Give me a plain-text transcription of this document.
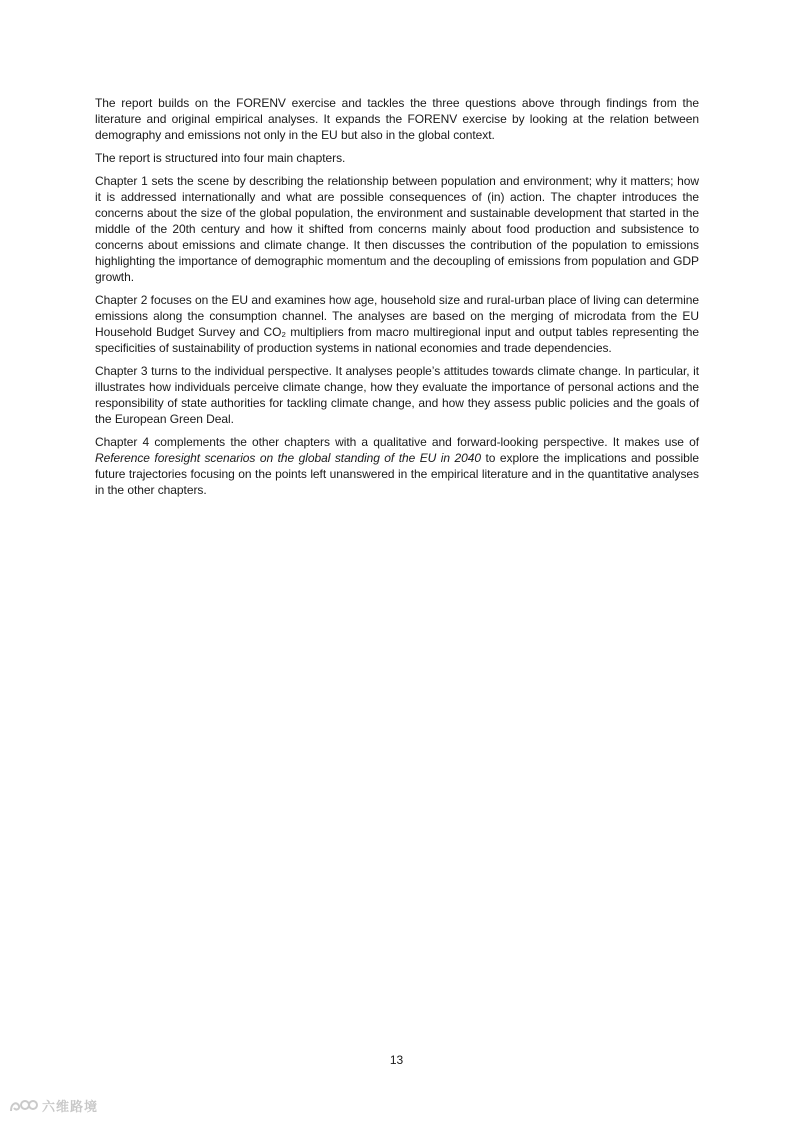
The report builds on the FORENV exercise and tackles the three questions above through findings from the literature and original empirical analyses. It expands the FORENV exercise by looking at the relation between demography and emissions not only in the EU but also in the global context.

The report is structured into four main chapters.

Chapter 1 sets the scene by describing the relationship between population and environment; why it matters; how it is addressed internationally and what are possible consequences of (in) action. The chapter introduces the concerns about the size of the global population, the environment and sustainable development that started in the middle of the 20th century and how it shifted from concerns mainly about food production and subsistence to concerns about emissions and climate change. It then discusses the contribution of the population to emissions highlighting the importance of demographic momentum and the decoupling of emissions from population and GDP growth.

Chapter 2 focuses on the EU and examines how age, household size and rural-urban place of living can determine emissions along the consumption channel. The analyses are based on the merging of microdata from the EU Household Budget Survey and CO₂ multipliers from macro multiregional input and output tables representing the specificities of sustainability of production systems in national economies and trade dependencies.

Chapter 3 turns to the individual perspective. It analyses people’s attitudes towards climate change. In particular, it illustrates how individuals perceive climate change, how they evaluate the importance of personal actions and the responsibility of state authorities for tackling climate change, and how they assess public policies and the goals of the European Green Deal.

Chapter 4 complements the other chapters with a qualitative and forward-looking perspective. It makes use of Reference foresight scenarios on the global standing of the EU in 2040 to explore the implications and possible future trajectories focusing on the points left unanswered in the empirical literature and in the quantitative analyses in the other chapters.

13
六维路境
